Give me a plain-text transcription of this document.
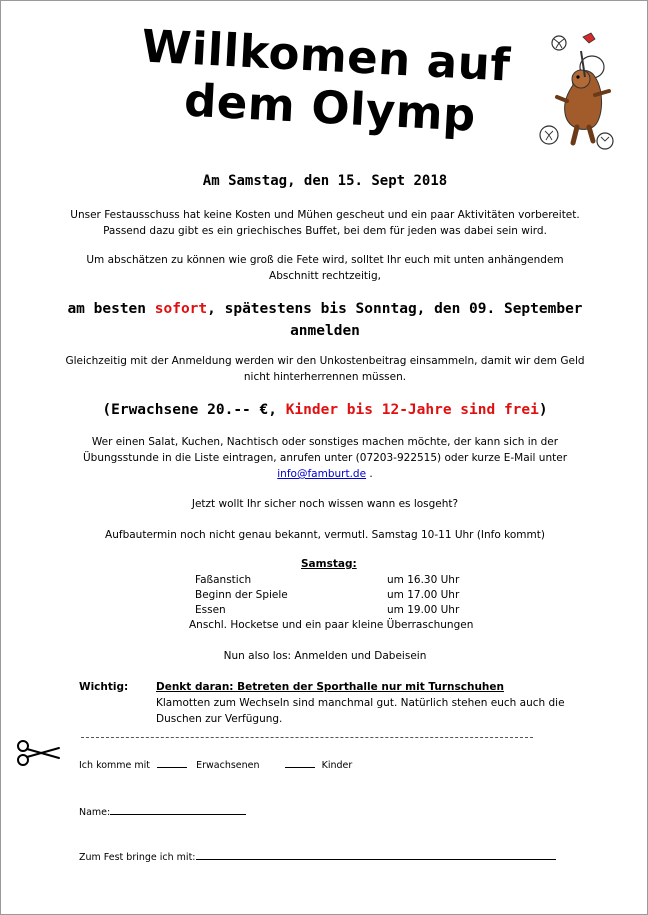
Willkomen auf
dem Olymp
Am Samstag, den 15. Sept 2018
Unser Festausschuss hat keine Kosten und Mühen gescheut und ein paar Aktivitäten vorbereitet.
Passend dazu gibt es ein griechisches Buffet, bei dem für jeden was dabei sein wird.
Um abschätzen zu können wie groß die Fete wird, solltet Ihr euch mit unten anhängendem
Abschnitt rechtzeitig,
am besten sofort, spätestens bis Sonntag, den 09. September
anmelden
Gleichzeitig mit der Anmeldung werden wir den Unkostenbeitrag einsammeln, damit wir dem Geld
nicht hinterherrennen müssen.
(Erwachsene 20.-- €, Kinder bis 12-Jahre sind frei)
Wer einen Salat, Kuchen, Nachtisch oder sonstiges machen möchte, der kann sich in der
Übungsstunde in die Liste eintragen, anrufen unter (07203-922515) oder kurze E-Mail unter
info@famburt.de .
Jetzt wollt Ihr sicher noch wissen wann es losgeht?
Aufbautermin noch nicht genau bekannt, vermutl. Samstag 10-11 Uhr (Info kommt)
Samstag:
Faßanstich	um 16.30 Uhr
Beginn der Spiele	um 17.00 Uhr
Essen	um 19.00 Uhr
Anschl. Hocketse und ein paar kleine Überraschungen
Nun also los: Anmelden und Dabeisein
Wichtig:	Denkt daran: Betreten der Sporthalle nur mit Turnschuhen
Klamotten zum Wechseln sind manchmal gut. Natürlich stehen euch auch die
Duschen zur Verfügung.
Ich komme mit	Erwachsenen	Kinder
Name:
Zum Fest bringe ich mit:
